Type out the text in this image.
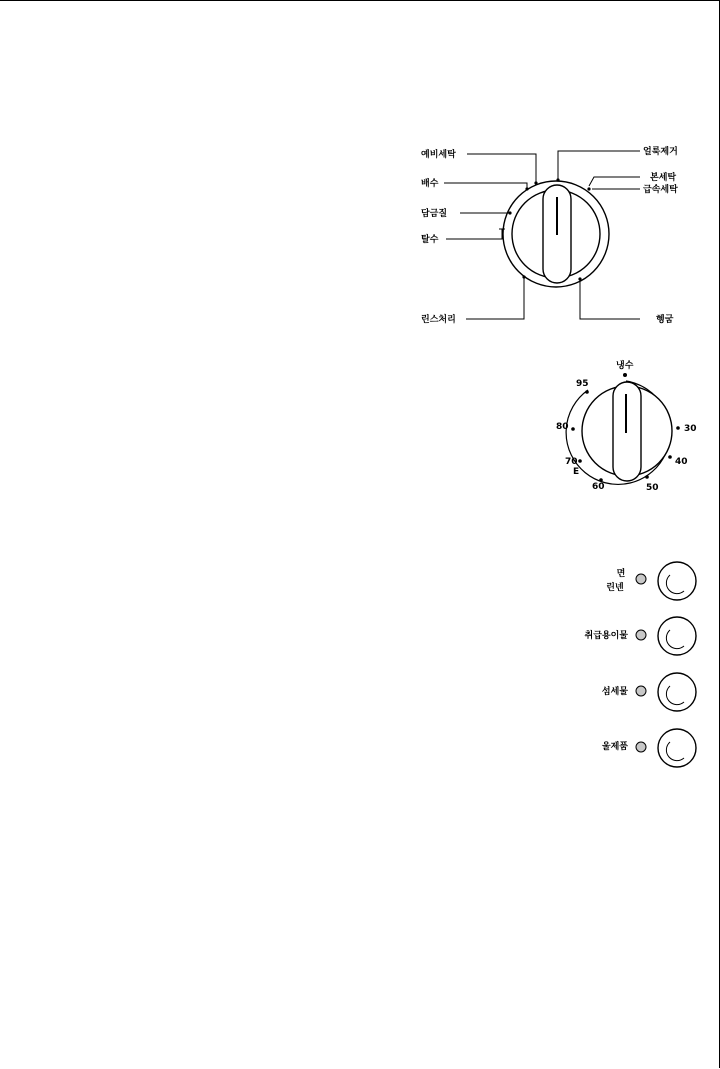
예비세탁
배수
담금질
탈수
린스처리
얼룩제거
본세탁
급속세탁
헹굼
냉수
95
80
70
E
60	50
40
30
면
린넨
취급용이물
섬세물
울제품
